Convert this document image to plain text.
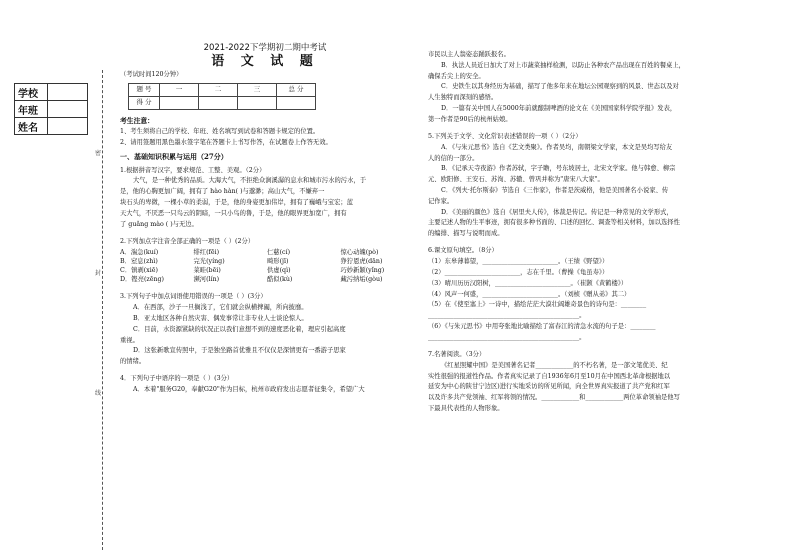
学校	
年班	
姓名	
密
封
线

2021-2022下学期初二期中考试

语 文 试 题

（考试时间120分钟）

题 号	一	二	三	总 分
得 分				

考生注意：

1、考生须将自己的学校、年班、姓名填写到试卷和答题卡规定的位置。

2、请用签题用黑色墨水签字笔在答题卡上书写作答，在试题卷上作答无效。

一、基础知识积累与运用（27分）

1.根据拼音写汉字，要求规范、工整、美观。（2分）

大气，是一种优秀的品质。大海大气，不拒绝众涧溪潺的息水和城市污水的污水，于

是，他的心胸更加广阔，拥有了 hào hàn( )与邈渺；高山大气，不嫌弃一

块石头的卑微，一棵小草的柔弱，于是，他的身姿更加伟岸，拥有了巍峨与宝宏；蓝

天大气，不厌恶一只鸟云的阴暗，一只小鸟的鲁，于是，他的眼界更加宽广，拥有

了 guǎng mào ( )与无边。

2.下列加点字注音全部正确的一项是（ ）(2分）

A．湍急(kuí)	绯红(fēi)	仁慈(cí)	惊心动魄(pò)
B．窒息(zhì)	完光(yíng)	畸形(jī)	狰狞恩虎(dān)
C．镇剥(xiē)	菜畦(bēi)	供虚(qì)	巧妙新颖(yǐng)
D．铿亮(zēng)	濒河(lín)	酷似(kù)	藏污纳垢(gòu)

3.下列句子中加点词语使用错误的一项是（ ）(3分）

A．在西部，沙子一旦搁浅了，它们就会纵横捭阖，所向披靡。

B．亚太地区各种自然灾害、偶发事常让非专业人士谈论惊人。

C．目前，水资源紧缺的状况正以我们意想不到的速度恶化着，理应引起高度

重视。

D．这张新歌宣传照中，于是独坐路首优雅且不仅仅是深情更有一番游子思家

的情绪。

4．下列句子中语序的一项是（ ）(3分）

A．本着"服务G20，奉献G20"作为目标，杭州市政府发出志愿者征集令，希望广大

市民以主人翁姿态踊跃报名。

B．执法人员近日加大了对上市蔬菜抽样检测，以防止各种农产品出现在百姓的餐桌上，

确保舌尖上的安全。

C．史铁生以其身经历为基础，描写了他多年来在地坛公园观察到的风景、世态以及对

人生独特而深刻的感悟。

D．一篇有关中国人在5000年前就酿制啤酒的论文在《美国国家科学院学报》发表，

第一作者是90后的杭州姑娘。

5.下列关于文学、文化常识表述错误的一项（ ）（2分）

A．《与朱元思书》选自《艺文类聚》。作者吴均，南朝梁文学家，本文是吴均写给友

人的信的一部分。

B．《记承天寺夜游》作者苏轼，字子瞻，号东坡居士，北宋文学家。他与韩愈、柳宗

元、欧阳修、王安石、苏洵、苏辙、曾巩并称为"唐宋八大家"。

C．《列夫·托尔斯泰》节选自《三作家》，作者是茨威格，他是美国著名小说家、传

记作家。

D．《美丽的颜色》选自《居里夫人传》，体裁是传记。传记是一种常见的文学形式，

主要记述人物的生平事迹，拥有很多种书面的、口述的回忆、调查等相关材料，加以选择性

的编排、描写与说明而成。

6.课文原句填空。（8分）

（1）东皋薄暮望，________________________。（王绩《野望》）

（2）________________________，志在千里。（曹操《龟虽寿》）

（3）晴川历历汉阳树，________________________。（崔颢《黄鹤楼》）

（4）风声一何盛，________________________。（刘桢《赠从弟》其二）

（5）在《使至塞上》一诗中，描绘茫茫大漠壮阔雄奇景色的诗句是：________

________________________________________________。

（6）《与朱元思书》中用夸张地比喻描绘了富春江的清急水流的句子是：________

________________________________________________。

7.名著阅读。（3分）

《红星照耀中国》是美国著名记者____________的不朽名著，是一部文笔优美、纪

实性很强的报道性作品。作者真实记录了自1936年6月至10月在中国西北革命根据地以

延安为中心的陕甘宁边区)进行实地采访的所见所闻，向全世界真实报道了共产党和红军

以及许多共产党领袖、红军将领的情况。____________和____________两位革命领袖是他写

下最具代表性的人物形象。
